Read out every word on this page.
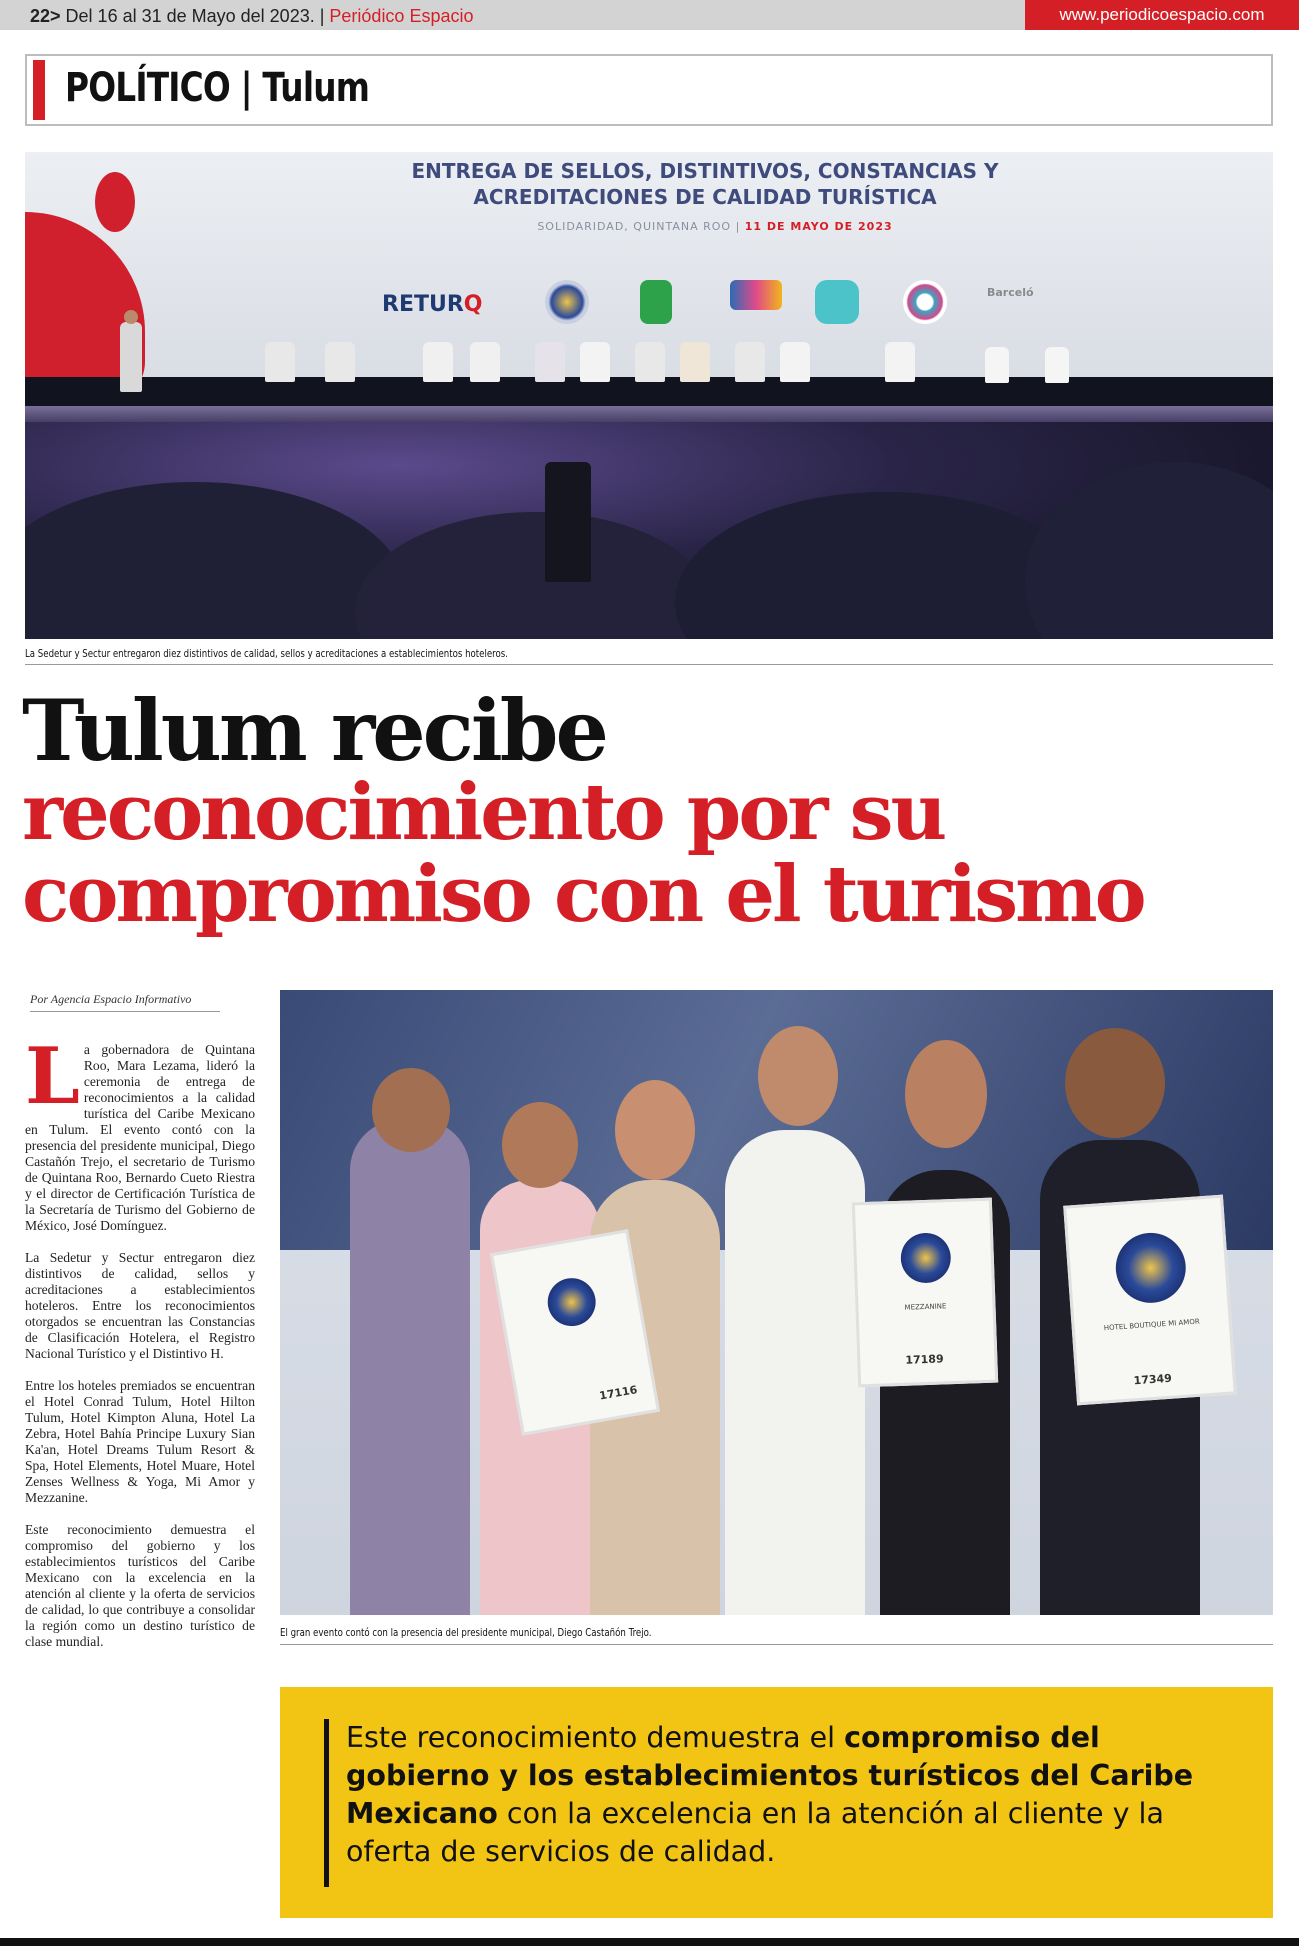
22> Del 16 al 31 de Mayo del 2023. | Periódico Espacio	www.periodicoespacio.com
POLÍTICO | Tulum
ENTREGA DE SELLOS, DISTINTIVOS, CONSTANCIAS Y
ACREDITACIONES DE CALIDAD TURÍSTICA
SOLIDARIDAD, QUINTANA ROO | 11 DE MAYO DE 2023
RETURQ	Barceló
La Sedetur y Sectur entregaron diez distintivos de calidad, sellos y acreditaciones a establecimientos hoteleros.
Tulum recibe
reconocimiento por su
compromiso con el turismo
Por Agencia Espacio Informativo

La gobernadora de Quintana Roo, Mara Lezama, lideró la ceremonia de entrega de reconocimientos a la calidad turística del Caribe Mexicano en Tulum. El evento contó con la presencia del presidente municipal, Diego Castañón Trejo, el secretario de Turismo de Quintana Roo, Bernardo Cueto Riestra y el director de Certificación Turística de la Secretaría de Turismo del Gobierno de México, José Domínguez.

La Sedetur y Sectur entregaron diez distintivos de calidad, sellos y acreditaciones a establecimientos hoteleros. Entre los reconocimientos otorgados se encuentran las Constancias de Clasificación Hotelera, el Registro Nacional Turístico y el Distintivo H.

Entre los hoteles premiados se encuentran el Hotel Conrad Tulum, Hotel Hilton Tulum, Hotel Kimpton Aluna, Hotel La Zebra, Hotel Bahía Principe Luxury Sian Ka'an, Hotel Dreams Tulum Resort & Spa, Hotel Elements, Hotel Muare, Hotel Zenses Wellness & Yoga, Mi Amor y Mezzanine.

Este reconocimiento demuestra el compromiso del gobierno y los establecimientos turísticos del Caribe Mexicano con la excelencia en la atención al cliente y la oferta de servicios de calidad, lo que contribuye a consolidar la región como un destino turístico de clase mundial.

17116
MEZZANINE
17189
HOTEL BOUTIQUE MI AMOR
17349
El gran evento contó con la presencia del presidente municipal, Diego Castañón Trejo.
Este reconocimiento demuestra el compromiso del gobierno y los establecimientos turísticos del Caribe Mexicano con la excelencia en la atención al cliente y la oferta de servicios de calidad.
